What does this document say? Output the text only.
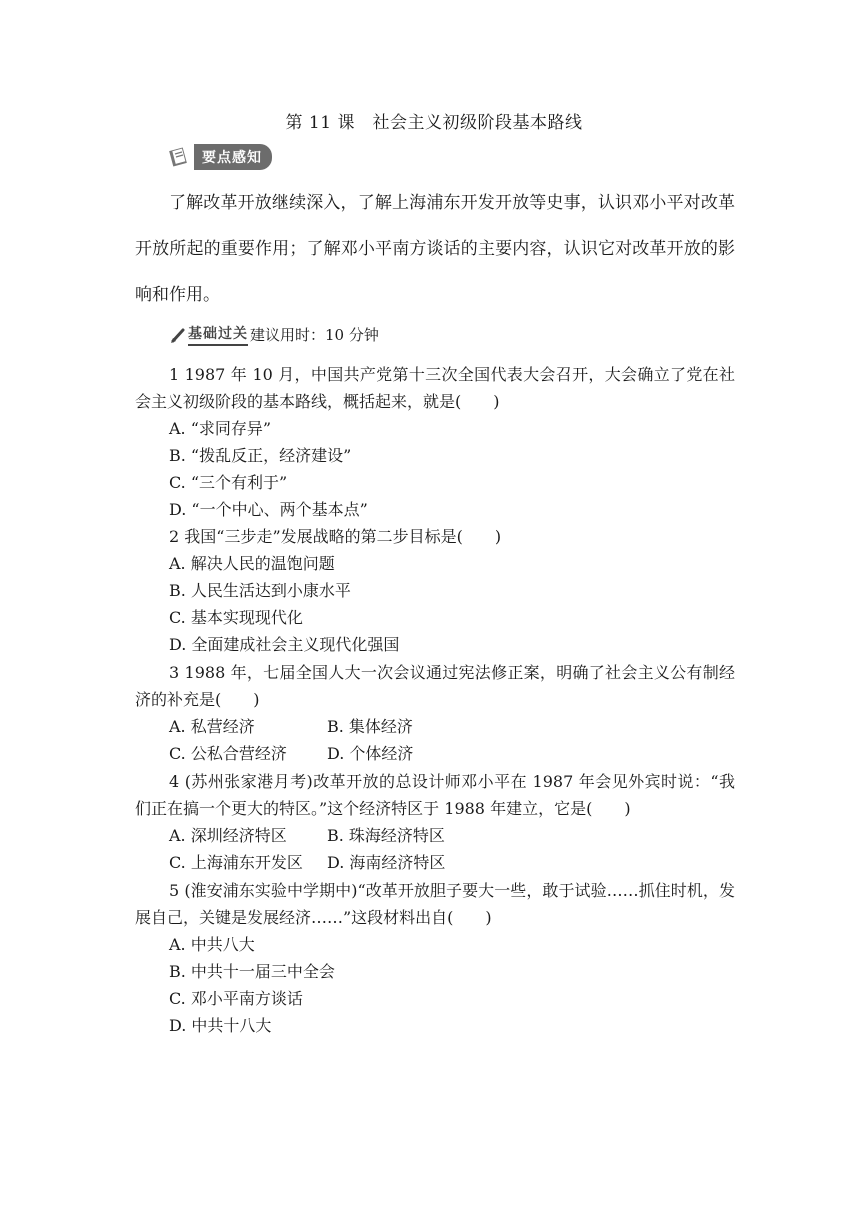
第 11 课　社会主义初级阶段基本路线
要点感知
了解改革开放继续深入，了解上海浦东开发开放等史事，认识邓小平对改革开放所起的重要作用；了解邓小平南方谈话的主要内容，认识它对改革开放的影响和作用。
基础过关 建议用时：10 分钟
1 1987 年 10 月，中国共产党第十三次全国代表大会召开，大会确立了党在社会主义初级阶段的基本路线，概括起来，就是(　　)
A. “求同存异”
B. “拨乱反正，经济建设”
C. “三个有利于”
D. “一个中心、两个基本点”
2 我国“三步走”发展战略的第二步目标是(　　)
A. 解决人民的温饱问题
B. 人民生活达到小康水平
C. 基本实现现代化
D. 全面建成社会主义现代化强国
3 1988 年，七届全国人大一次会议通过宪法修正案，明确了社会主义公有制经济的补充是(　　)
A. 私营经济	B. 集体经济
C. 公私合营经济	D. 个体经济
4 (苏州张家港月考)改革开放的总设计师邓小平在 1987 年会见外宾时说：“我们正在搞一个更大的特区。”这个经济特区于 1988 年建立，它是(　　)
A. 深圳经济特区	B. 珠海经济特区
C. 上海浦东开发区	D. 海南经济特区
5 (淮安浦东实验中学期中)“改革开放胆子要大一些，敢于试验……抓住时机，发展自己，关键是发展经济……”这段材料出自(　　)
A. 中共八大
B. 中共十一届三中全会
C. 邓小平南方谈话
D. 中共十八大
